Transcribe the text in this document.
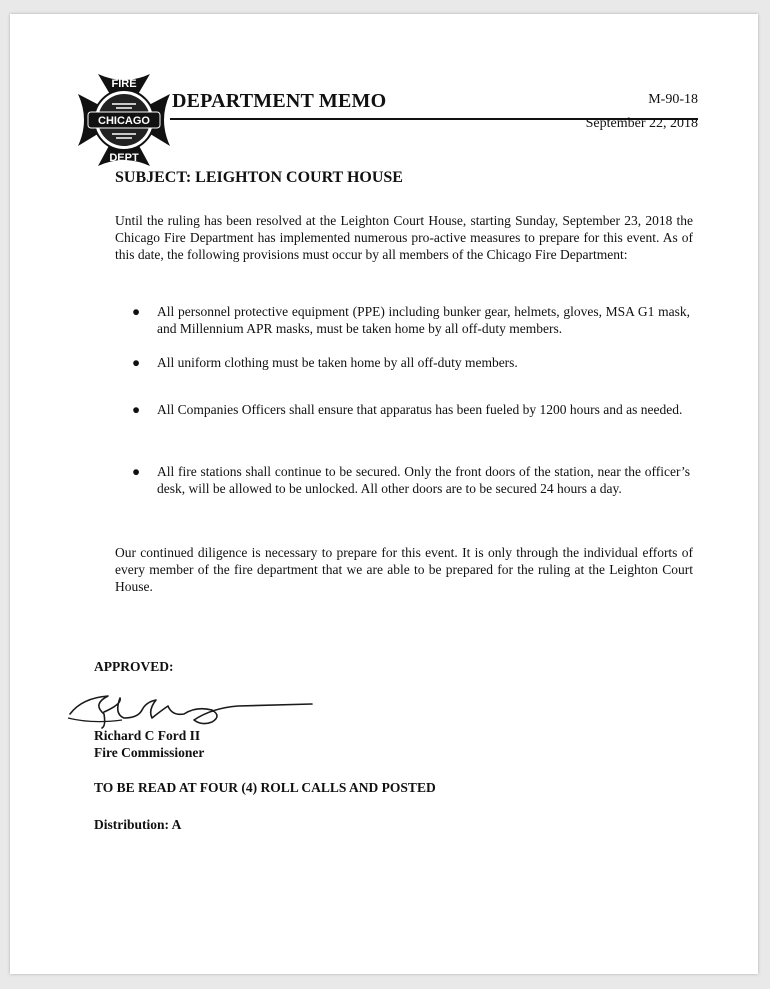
FIRE
CHICAGO
DEPT
DEPARTMENT MEMO	M-90-18
September 22, 2018
SUBJECT: LEIGHTON COURT HOUSE
Until the ruling has been resolved at the Leighton Court House, starting Sunday, September 23, 2018 the Chicago Fire Department has implemented numerous pro-active measures to prepare for this event. As of this date, the following provisions must occur by all members of the Chicago Fire Department:
● All personnel protective equipment (PPE) including bunker gear, helmets, gloves, MSA G1 mask, and Millennium APR masks, must be taken home by all off-duty members.
● All uniform clothing must be taken home by all off-duty members.
● All Companies Officers shall ensure that apparatus has been fueled by 1200 hours and as needed.
● All fire stations shall continue to be secured. Only the front doors of the station, near the officer’s desk, will be allowed to be unlocked. All other doors are to be secured 24 hours a day.
Our continued diligence is necessary to prepare for this event. It is only through the individual efforts of every member of the fire department that we are able to be prepared for the ruling at the Leighton Court House.
APPROVED:
Richard C Ford II
Fire Commissioner
TO BE READ AT FOUR (4) ROLL CALLS AND POSTED
Distribution: A
